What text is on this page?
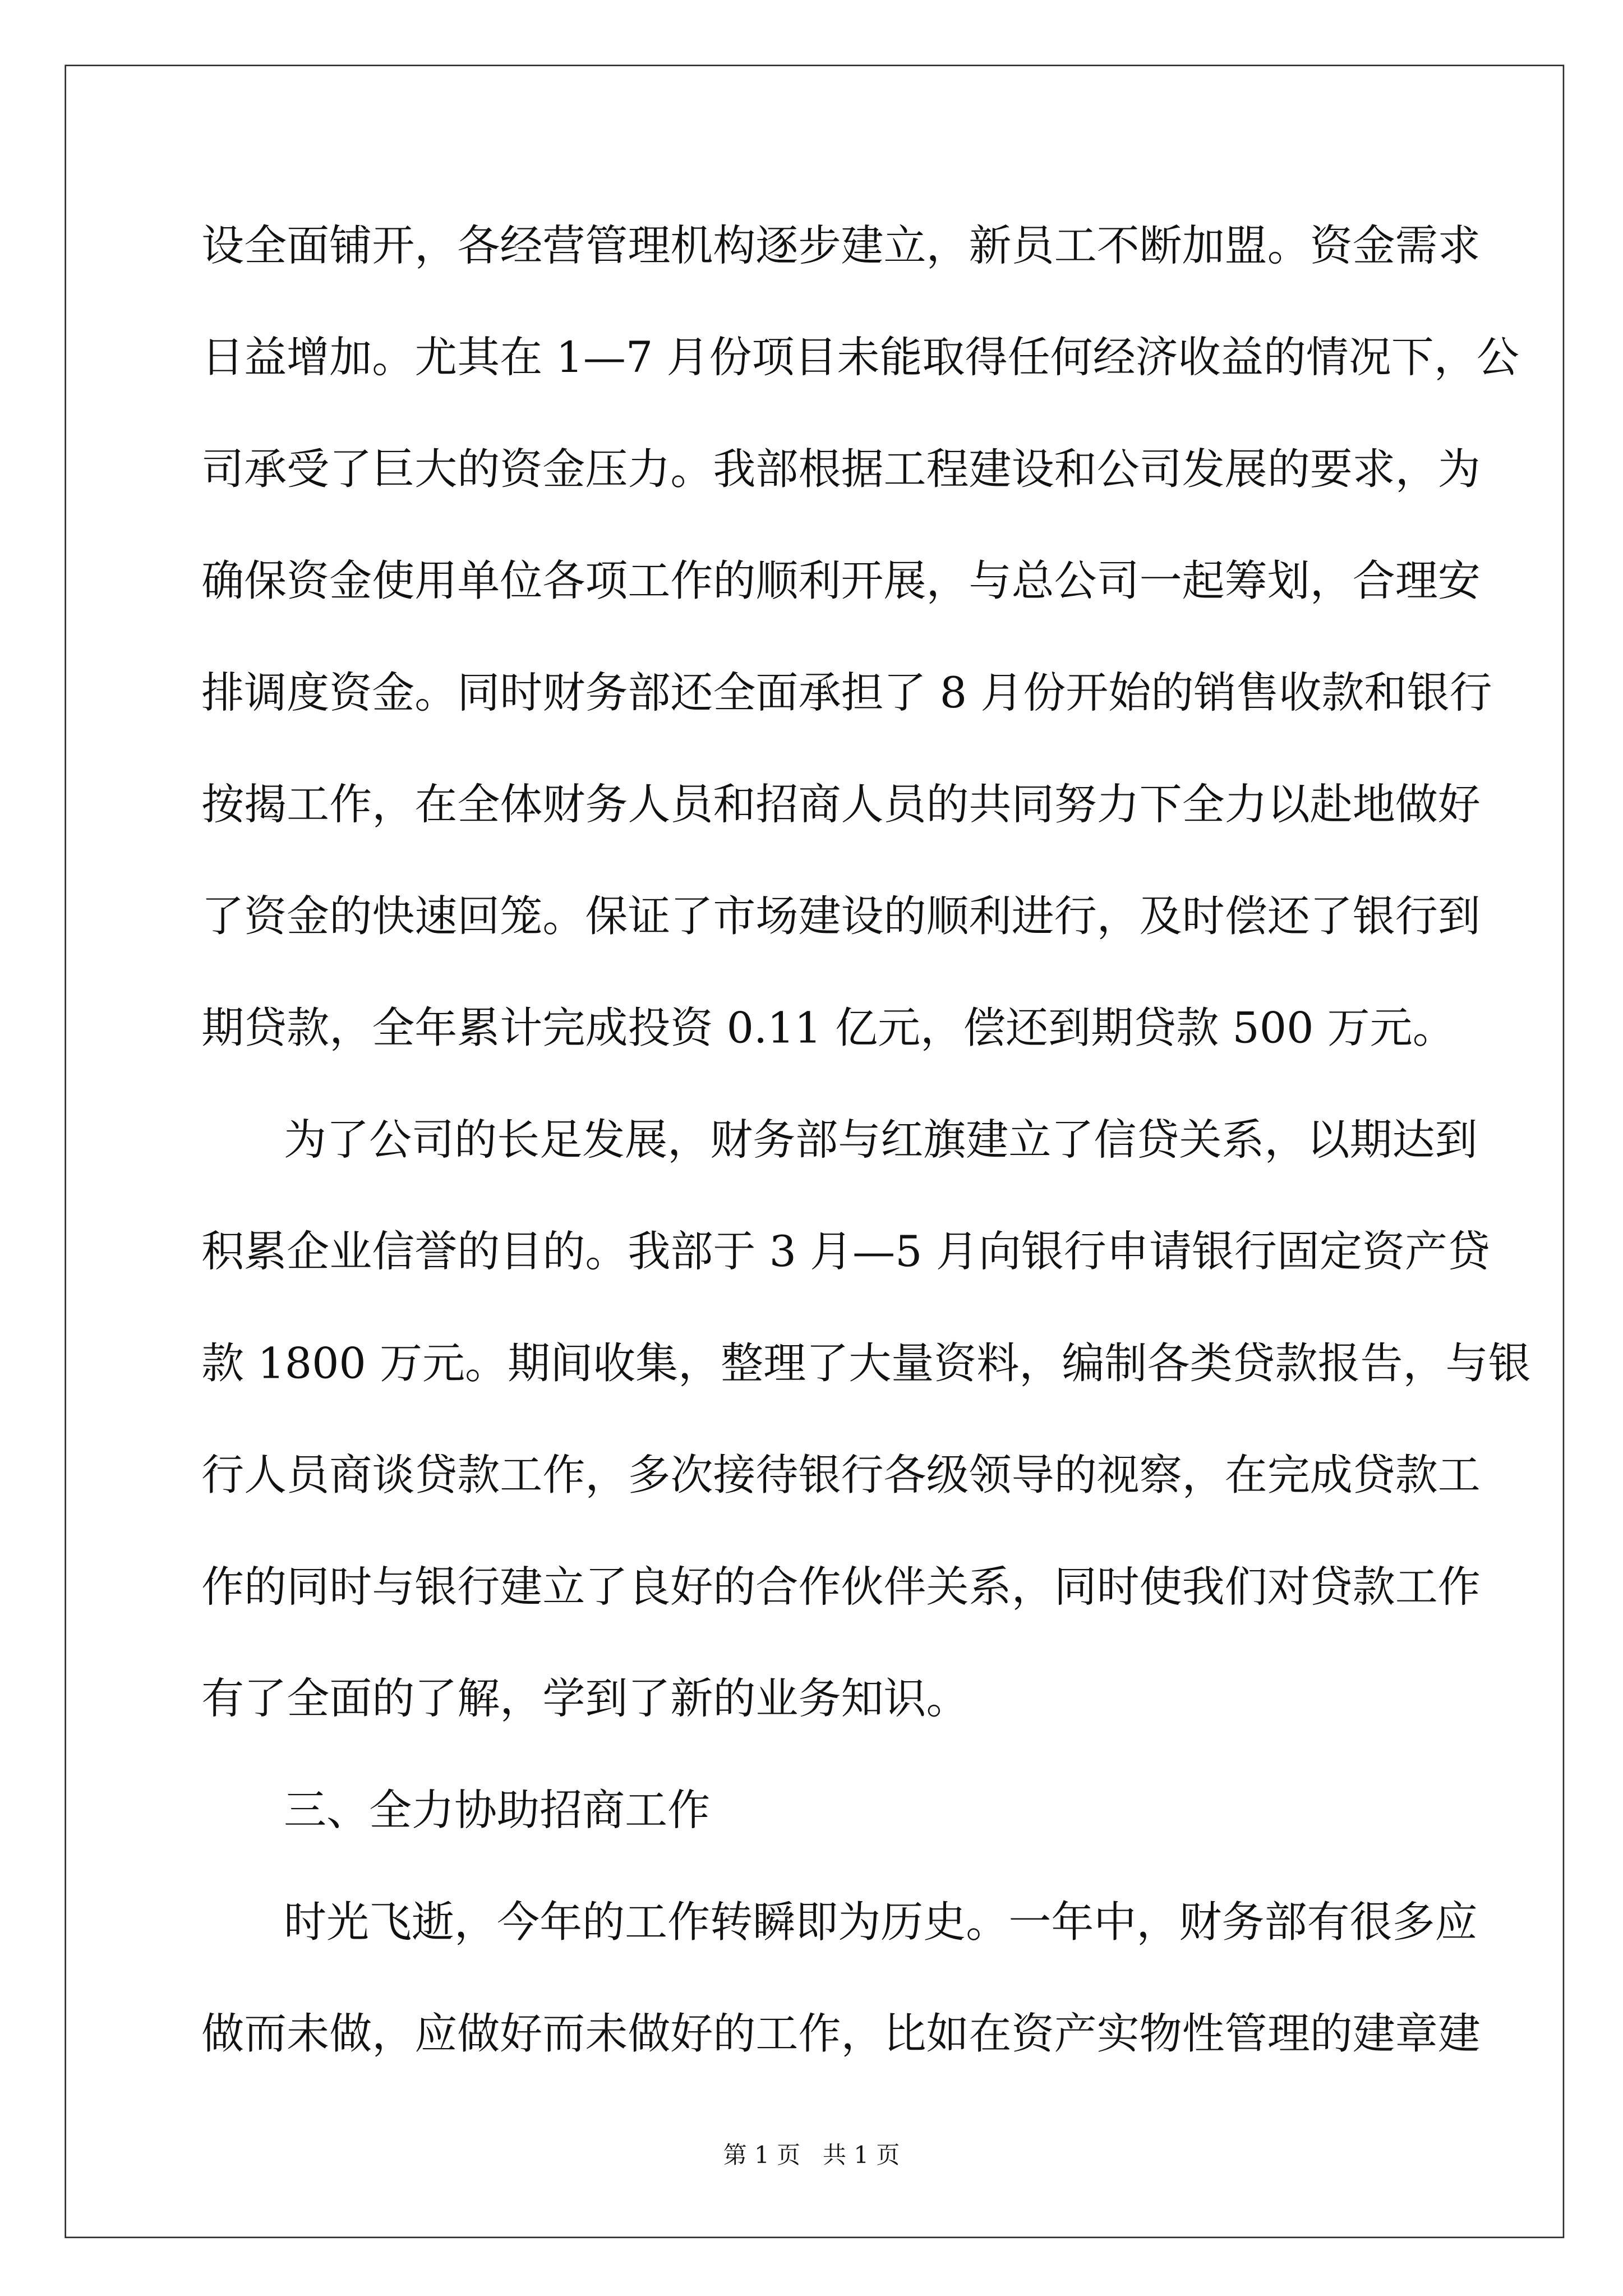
设全面铺开，各经营管理机构逐步建立，新员工不断加盟。资金需求
日益增加。尤其在 1—7 月份项目未能取得任何经济收益的情况下，公
司承受了巨大的资金压力。我部根据工程建设和公司发展的要求，为
确保资金使用单位各项工作的顺利开展，与总公司一起筹划，合理安
排调度资金。同时财务部还全面承担了 8 月份开始的销售收款和银行
按揭工作，在全体财务人员和招商人员的共同努力下全力以赴地做好
了资金的快速回笼。保证了市场建设的顺利进行，及时偿还了银行到
期贷款，全年累计完成投资 0.11 亿元，偿还到期贷款 500 万元。
为了公司的长足发展，财务部与红旗建立了信贷关系，以期达到
积累企业信誉的目的。我部于 3 月—5 月向银行申请银行固定资产贷
款 1800 万元。期间收集，整理了大量资料，编制各类贷款报告，与银
行人员商谈贷款工作，多次接待银行各级领导的视察，在完成贷款工
作的同时与银行建立了良好的合作伙伴关系，同时使我们对贷款工作
有了全面的了解，学到了新的业务知识。
三、全力协助招商工作
时光飞逝，今年的工作转瞬即为历史。一年中，财务部有很多应
做而未做，应做好而未做好的工作，比如在资产实物性管理的建章建
第 1 页   共 1 页
